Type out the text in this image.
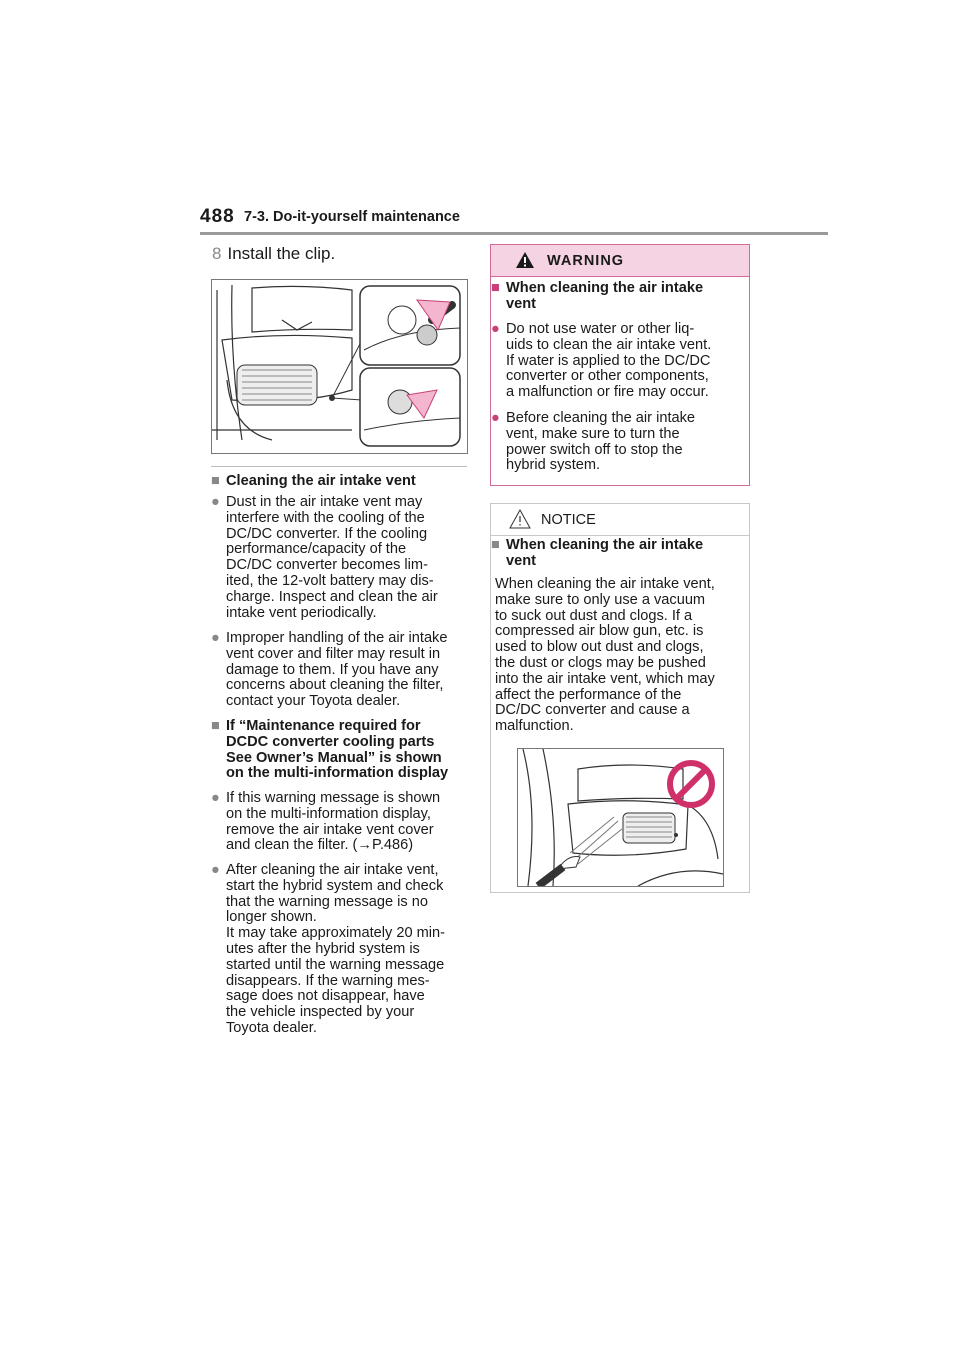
488 7-3. Do-it-yourself maintenance
8 Install the clip.
■ Cleaning the air intake vent
● Dust in the air intake vent may
interfere with the cooling of the
DC/DC converter. If the cooling
performance/capacity of the
DC/DC converter becomes lim-
ited, the 12-volt battery may dis-
charge. Inspect and clean the air
intake vent periodically.
● Improper handling of the air intake
vent cover and filter may result in
damage to them. If you have any
concerns about cleaning the filter,
contact your Toyota dealer.
■ If “Maintenance required for
DCDC converter cooling parts
See Owner’s Manual” is shown
on the multi-information display
● If this warning message is shown
on the multi-information display,
remove the air intake vent cover
and clean the filter. (→P.486)
● After cleaning the air intake vent,
start the hybrid system and check
that the warning message is no
longer shown.
It may take approximately 20 min-
utes after the hybrid system is
started until the warning message
disappears. If the warning mes-
sage does not disappear, have
the vehicle inspected by your
Toyota dealer.
WARNING
■ When cleaning the air intake
vent
● Do not use water or other liq-
uids to clean the air intake vent.
If water is applied to the DC/DC
converter or other components,
a malfunction or fire may occur.
● Before cleaning the air intake
vent, make sure to turn the
power switch off to stop the
hybrid system.
NOTICE
■ When cleaning the air intake
vent
When cleaning the air intake vent,
make sure to only use a vacuum
to suck out dust and clogs. If a
compressed air blow gun, etc. is
used to blow out dust and clogs,
the dust or clogs may be pushed
into the air intake vent, which may
affect the performance of the
DC/DC converter and cause a
malfunction.
